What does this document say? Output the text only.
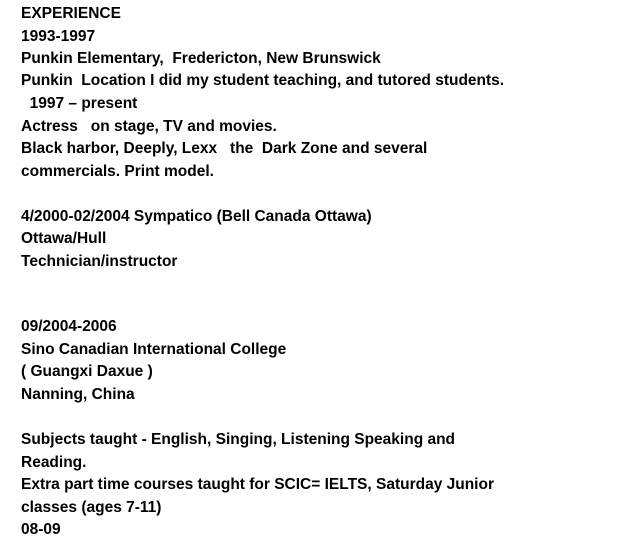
EXPERIENCE

1993-1997

Punkin Elementary,  Fredericton, New Brunswick

Punkin  Location I did my student teaching, and tutored students.

1997 – present

Actress   on stage, TV and movies.

Black harbor, Deeply, Lexx   the  Dark Zone and several

commercials. Print model.

4/2000-02/2004 Sympatico (Bell Canada Ottawa)

Ottawa/Hull

Technician/instructor

09/2004-2006

Sino Canadian International College

( Guangxi Daxue )

Nanning, China

Subjects taught - English, Singing, Listening Speaking and

Reading.

Extra part time courses taught for SCIC= IELTS, Saturday Junior

classes (ages 7-11)

08-09
